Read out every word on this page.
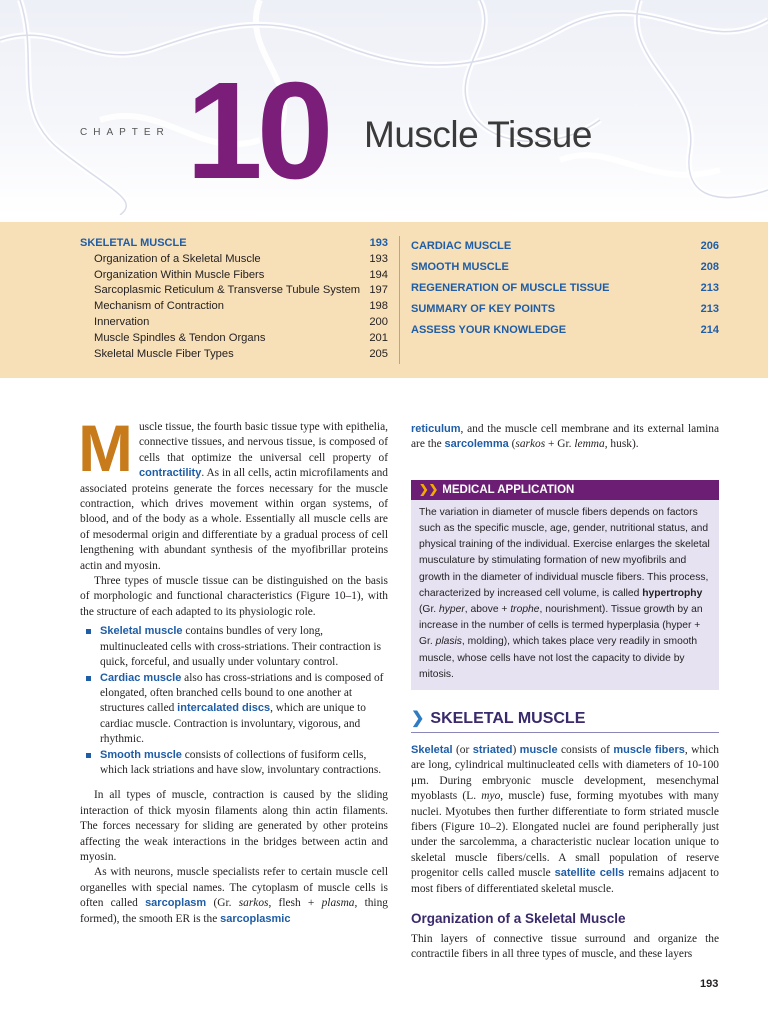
CHAPTER 10 Muscle Tissue
SKELETAL MUSCLE	193
Organization of a Skeletal Muscle	193
Organization Within Muscle Fibers	194
Sarcoplasmic Reticulum & Transverse Tubule System 197
Mechanism of Contraction	198
Innervation	200
Muscle Spindles & Tendon Organs	201
Skeletal Muscle Fiber Types	205
CARDIAC MUSCLE	206
SMOOTH MUSCLE	208
REGENERATION OF MUSCLE TISSUE	213
SUMMARY OF KEY POINTS	213
ASSESS YOUR KNOWLEDGE	214

Muscle tissue, the fourth basic tissue type with epithelia, connective tissues, and nervous tissue, is composed of cells that optimize the universal cell property of contractility. As in all cells, actin microfilaments and associated proteins generate the forces necessary for the muscle contraction, which drives movement within organ systems, of blood, and of the body as a whole. Essentially all muscle cells are of mesodermal origin and differentiate by a gradual process of cell lengthening with abundant synthesis of the myofibrillar proteins actin and myosin.

Three types of muscle tissue can be distinguished on the basis of morphologic and functional characteristics (Figure 10–1), with the structure of each adapted to its physiologic role.

Skeletal muscle contains bundles of very long, multinucleated cells with cross-striations. Their contraction is quick, forceful, and usually under voluntary control.
Cardiac muscle also has cross-striations and is composed of elongated, often branched cells bound to one another at structures called intercalated discs, which are unique to cardiac muscle. Contraction is involuntary, vigorous, and rhythmic.
Smooth muscle consists of collections of fusiform cells, which lack striations and have slow, involuntary contractions.

In all types of muscle, contraction is caused by the sliding interaction of thick myosin filaments along thin actin filaments. The forces necessary for sliding are generated by other proteins affecting the weak interactions in the bridges between actin and myosin.

As with neurons, muscle specialists refer to certain muscle cell organelles with special names. The cytoplasm of muscle cells is often called sarcoplasm (Gr. sarkos, flesh + plasma, thing formed), the smooth ER is the sarcoplasmic

reticulum, and the muscle cell membrane and its external lamina are the sarcolemma (sarkos + Gr. lemma, husk).

❯❯ MEDICAL APPLICATION
The variation in diameter of muscle fibers depends on factors such as the specific muscle, age, gender, nutritional status, and physical training of the individual. Exercise enlarges the skeletal musculature by stimulating formation of new myofibrils and growth in the diameter of individual muscle fibers. This process, characterized by increased cell volume, is called hypertrophy (Gr. hyper, above + trophe, nourishment). Tissue growth by an increase in the number of cells is termed hyperplasia (hyper + Gr. plasis, molding), which takes place very readily in smooth muscle, whose cells have not lost the capacity to divide by mitosis.
❯ SKELETAL MUSCLE

Skeletal (or striated) muscle consists of muscle fibers, which are long, cylindrical multinucleated cells with diameters of 10-100 μm. During embryonic muscle development, mesenchymal myoblasts (L. myo, muscle) fuse, forming myotubes with many nuclei. Myotubes then further differentiate to form striated muscle fibers (Figure 10–2). Elongated nuclei are found peripherally just under the sarcolemma, a characteristic nuclear location unique to skeletal muscle fibers/cells. A small population of reserve progenitor cells called muscle satellite cells remains adjacent to most fibers of differentiated skeletal muscle.

Organization of a Skeletal Muscle

Thin layers of connective tissue surround and organize the contractile fibers in all three types of muscle, and these layers

193
